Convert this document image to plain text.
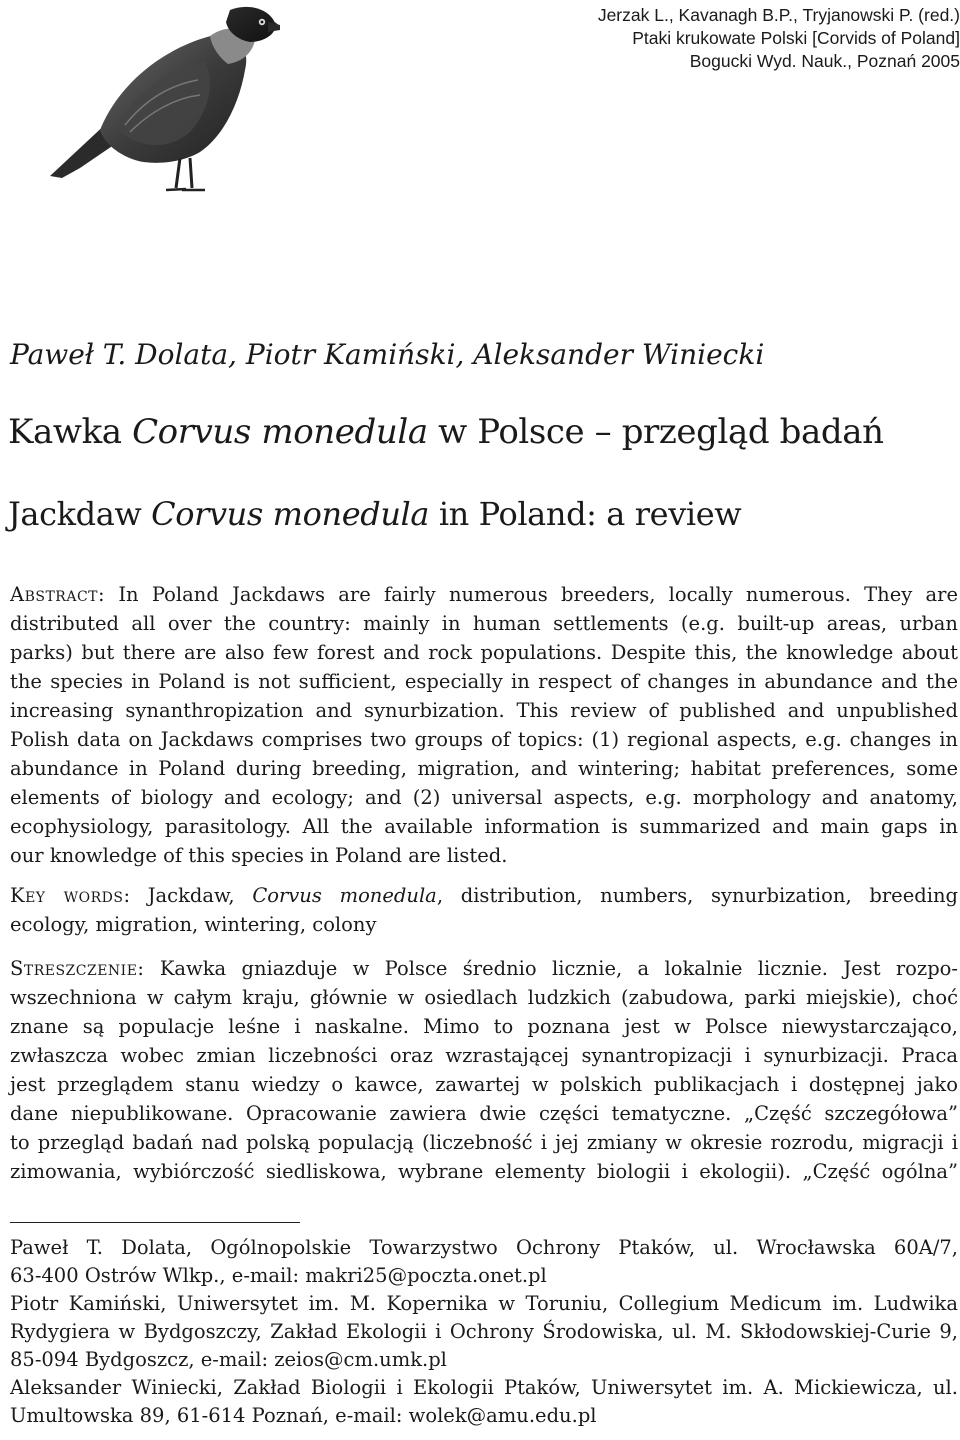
Jerzak L., Kavanagh B.P., Tryjanowski P. (red.)
Ptaki krukowate Polski [Corvids of Poland]
Bogucki Wyd. Nauk., Poznań 2005
Paweł T. Dolata, Piotr Kamiński, Aleksander Winiecki
Kawka Corvus monedula w Polsce – przegląd badań
Jackdaw Corvus monedula in Poland: a review
Abstract: In Poland Jackdaws are fairly numerous breeders, locally numerous. They are
distributed all over the country: mainly in human settlements (e.g. built-up areas, urban
parks) but there are also few forest and rock populations. Despite this, the knowledge about
the species in Poland is not sufficient, especially in respect of changes in abundance and the
increasing synanthropization and synurbization. This review of published and unpublished
Polish data on Jackdaws comprises two groups of topics: (1) regional aspects, e.g. changes in
abundance in Poland during breeding, migration, and wintering; habitat preferences, some
elements of biology and ecology; and (2) universal aspects, e.g. morphology and anatomy,
ecophysiology, parasitology. All the available information is summarized and main gaps in
our knowledge of this species in Poland are listed.
Key words: Jackdaw, Corvus monedula, distribution, numbers, synurbization, breeding
ecology, migration, wintering, colony
Streszczenie: Kawka gniazduje w Polsce średnio licznie, a lokalnie licznie. Jest rozpo-
wszechniona w całym kraju, głównie w osiedlach ludzkich (zabudowa, parki miejskie), choć
znane są populacje leśne i naskalne. Mimo to poznana jest w Polsce niewystarczająco,
zwłaszcza wobec zmian liczebności oraz wzrastającej synantropizacji i synurbizacji. Praca
jest przeglądem stanu wiedzy o kawce, zawartej w polskich publikacjach i dostępnej jako
dane niepublikowane. Opracowanie zawiera dwie części tematyczne. „Część szczegółowa”
to przegląd badań nad polską populacją (liczebność i jej zmiany w okresie rozrodu, migracji i
zimowania, wybiórczość siedliskowa, wybrane elementy biologii i ekologii). „Część ogólna”
Paweł T. Dolata, Ogólnopolskie Towarzystwo Ochrony Ptaków, ul. Wrocławska 60A/7,
63-400 Ostrów Wlkp., e-mail: makri25@poczta.onet.pl
Piotr Kamiński, Uniwersytet im. M. Kopernika w Toruniu, Collegium Medicum im. Ludwika
Rydygiera w Bydgoszczy, Zakład Ekologii i Ochrony Środowiska, ul. M. Skłodowskiej-Curie 9,
85-094 Bydgoszcz, e-mail: zeios@cm.umk.pl
Aleksander Winiecki, Zakład Biologii i Ekologii Ptaków, Uniwersytet im. A. Mickiewicza, ul.
Umultowska 89, 61-614 Poznań, e-mail: wolek@amu.edu.pl
